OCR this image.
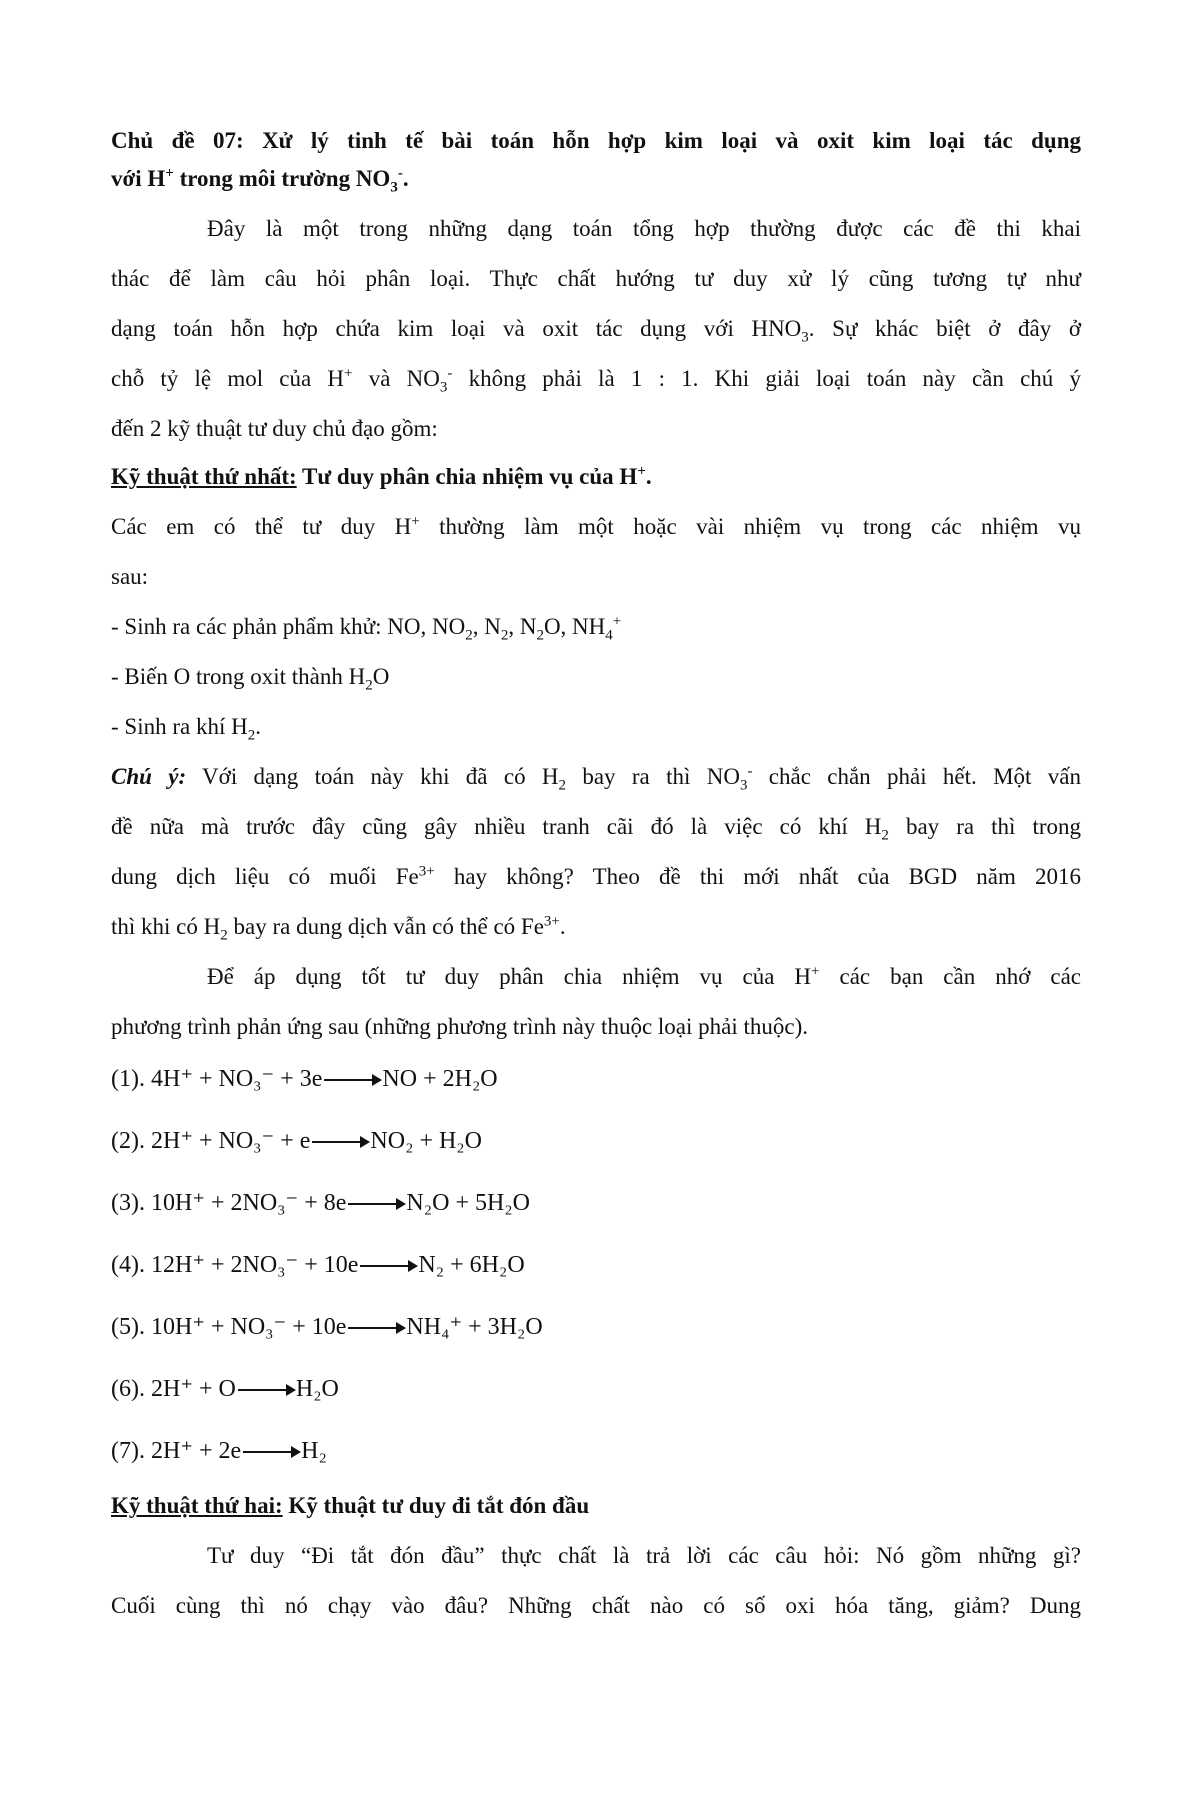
Chủ đề 07: Xử lý tinh tế bài toán hỗn hợp kim loại và oxit kim loại tác dụng
với H+ trong môi trường $NO_3^-$.
Đây là một trong những dạng toán tổng hợp thường được các đề thi khai
thác để làm câu hỏi phân loại. Thực chất hướng tư duy xử lý cũng tương tự như
dạng toán hỗn hợp chứa kim loại và oxit tác dụng với $HNO_3$. Sự khác biệt ở đây ở
chỗ tỷ lệ mol của H+ và $NO_3^-$ không phải là 1 : 1. Khi giải loại toán này cần chú ý
đến 2 kỹ thuật tư duy chủ đạo gồm:
Kỹ thuật thứ nhất: Tư duy phân chia nhiệm vụ của H+.
Các em có thể tư duy H+ thường làm một hoặc vài nhiệm vụ trong các nhiệm vụ
sau:
- Sinh ra các phản phẩm khử: NO, $NO_2$, $N_2$, $N_2O$, $NH_4^+$
- Biến O trong oxit thành $H_2O$
- Sinh ra khí $H_2$.
Chú ý: Với dạng toán này khi đã có $H_2$ bay ra thì $NO_3^-$ chắc chắn phải hết. Một vấn
đề nữa mà trước đây cũng gây nhiều tranh cãi đó là việc có khí $H_2$ bay ra thì trong
dung dịch liệu có muối $Fe^{3+}$ hay không? Theo đề thi mới nhất của BGD năm 2016
thì khi có $H_2$ bay ra dung dịch vẫn có thể có $Fe^{3+}$.
Để áp dụng tốt tư duy phân chia nhiệm vụ của H+ các bạn cần nhớ các
phương trình phản ứng sau (những phương trình này thuộc loại phải thuộc).
(1). 4H⁺ + NO₃⁻ + 3e → NO + 2H₂O
(2). 2H⁺ + NO₃⁻ + e → NO₂ + H₂O
(3). 10H⁺ + 2NO₃⁻ + 8e → N₂O + 5H₂O
(4). 12H⁺ + 2NO₃⁻ + 10e → N₂ + 6H₂O
(5). 10H⁺ + NO₃⁻ + 10e → NH₄⁺ + 3H₂O
(6). 2H⁺ + O → H₂O
(7). 2H⁺ + 2e → H₂
Kỹ thuật thứ hai: Kỹ thuật tư duy đi tắt đón đầu
Tư duy “Đi tắt đón đầu” thực chất là trả lời các câu hỏi: Nó gồm những gì?
Cuối cùng thì nó chạy vào đâu? Những chất nào có số oxi hóa tăng, giảm? Dung
